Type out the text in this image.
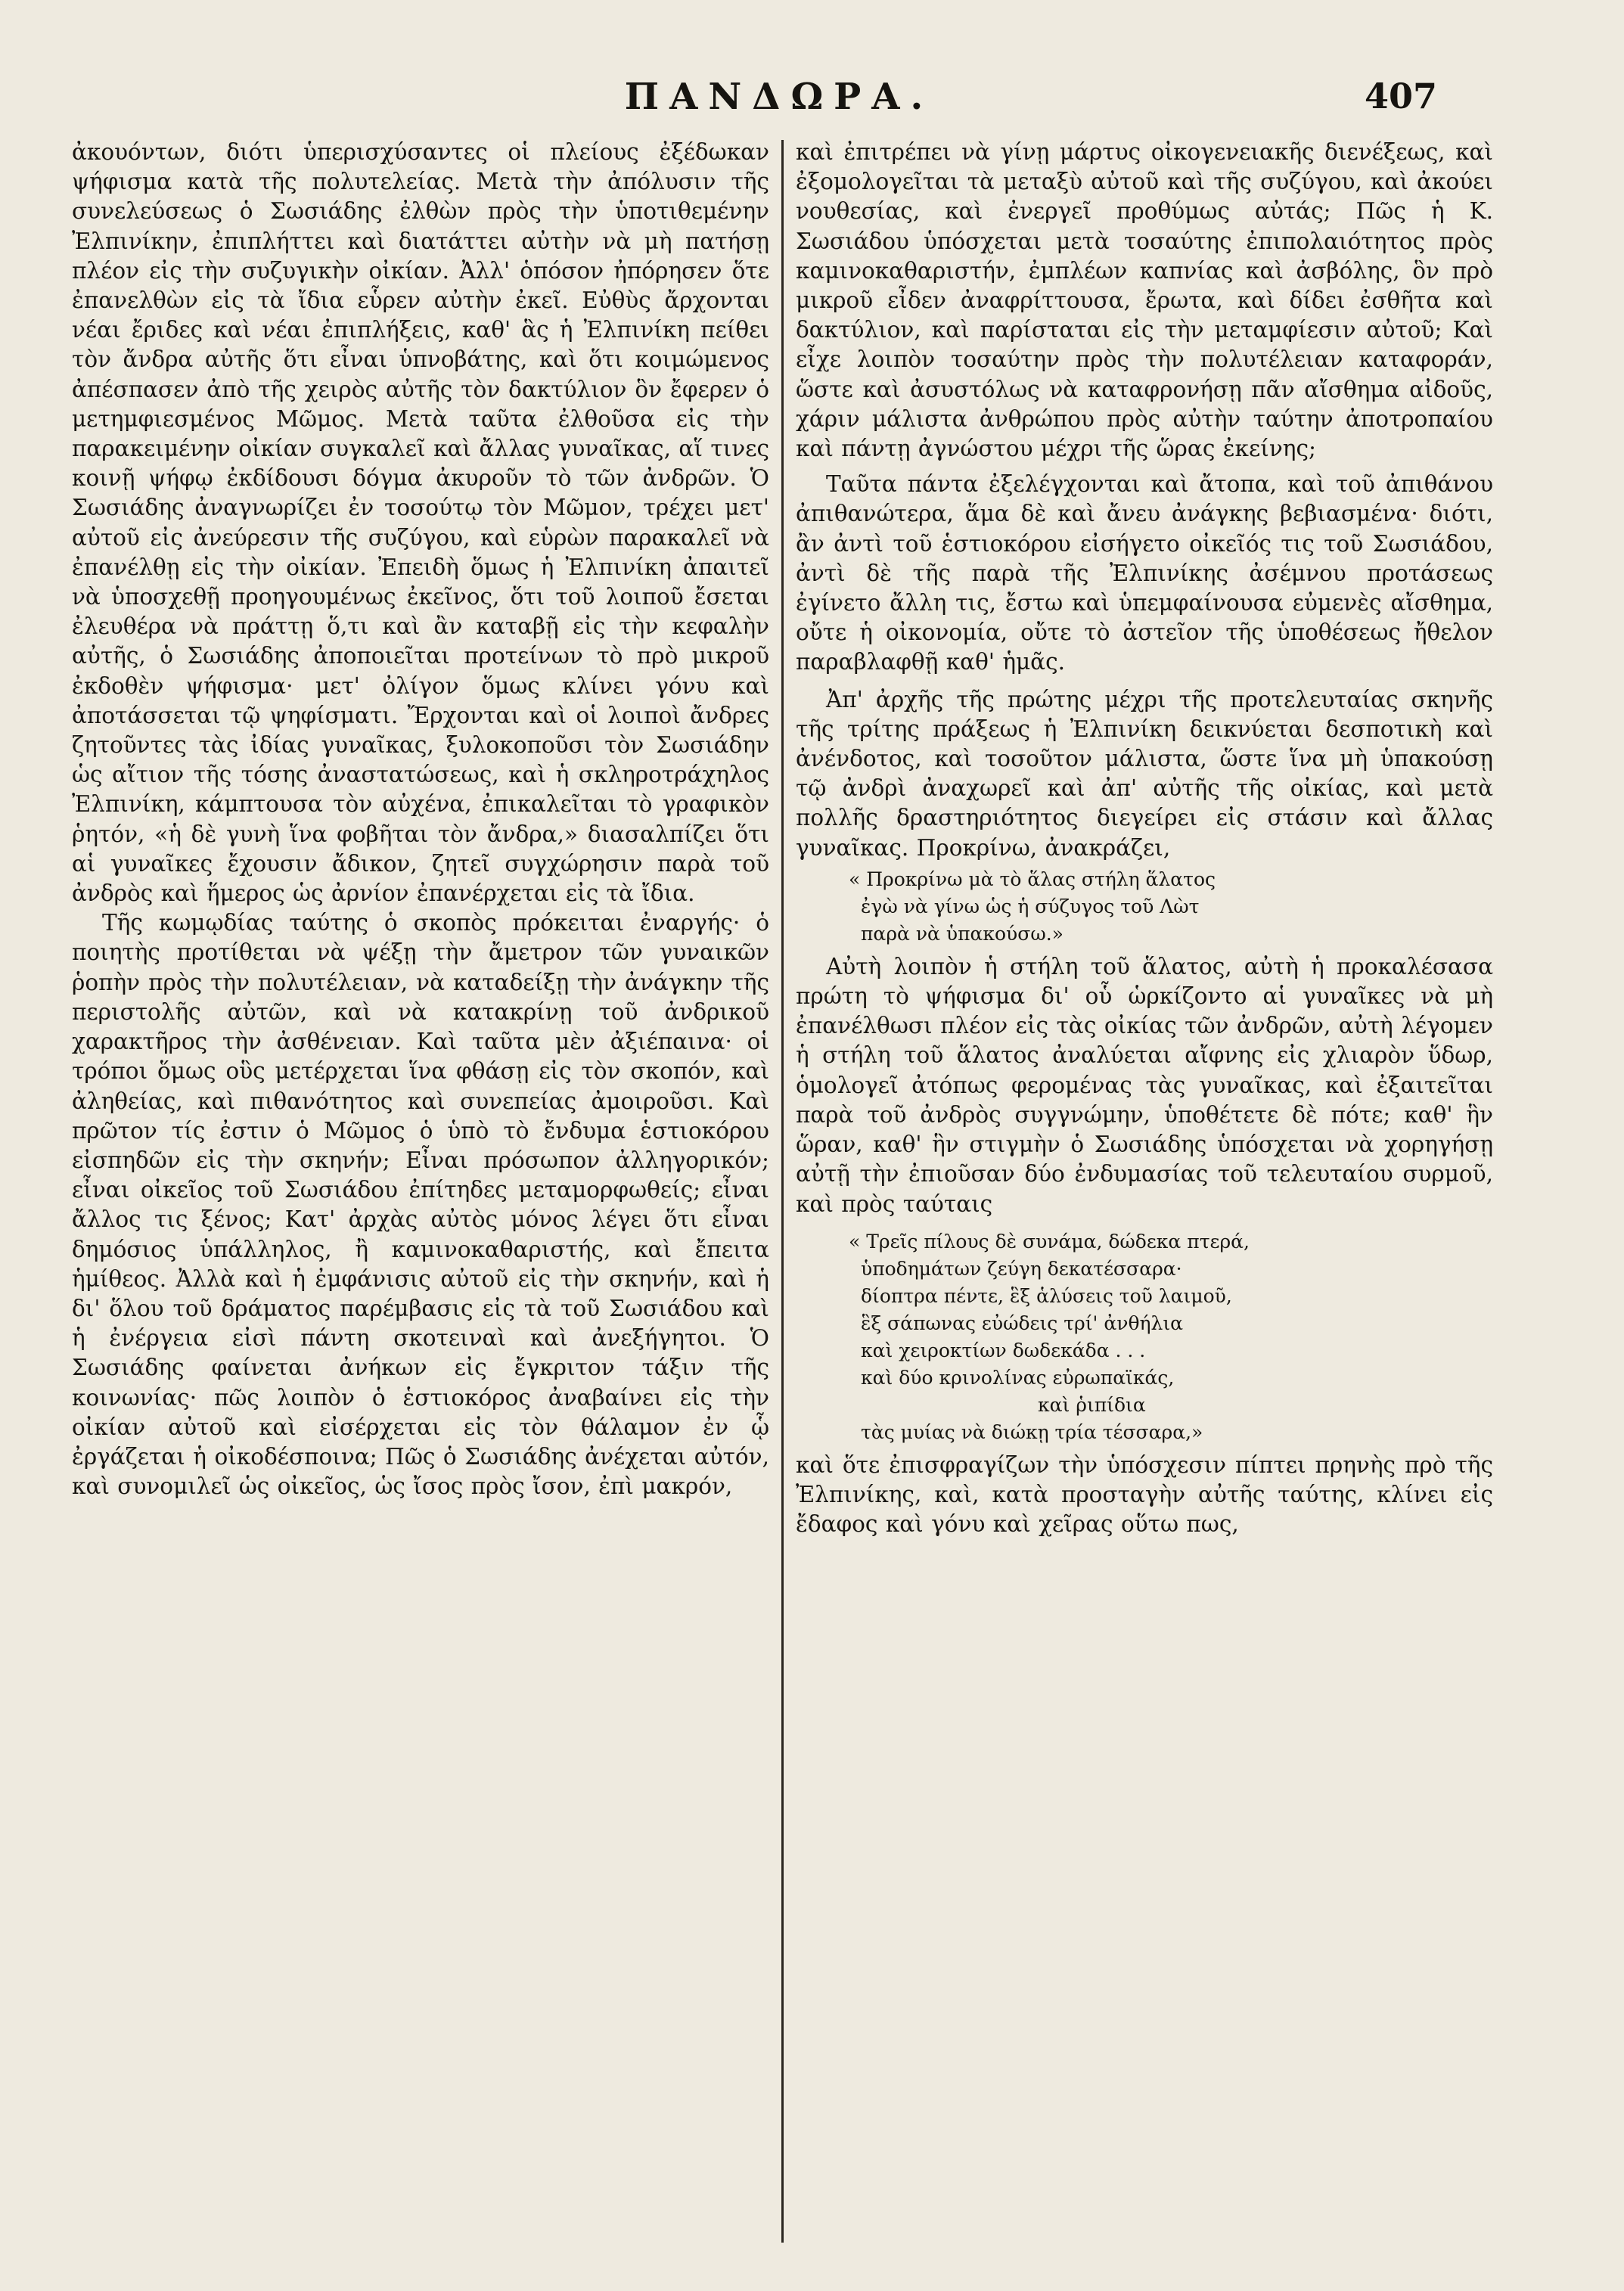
ΠΑΝΔΩΡΑ.	407

ἀκουόντων, διότι ὑπερισχύσαντες οἱ πλείους ἐξέδωκαν ψήφισμα κατὰ τῆς πολυτελείας. Μετὰ τὴν ἀπόλυσιν τῆς συνελεύσεως ὁ Σωσιάδης ἐλθὼν πρὸς τὴν ὑποτιθεμένην Ἐλπινίκην, ἐπιπλήττει καὶ διατάττει αὐτὴν νὰ μὴ πατήσῃ πλέον εἰς τὴν συζυγικὴν οἰκίαν. Ἀλλ' ὁπόσον ἠπόρησεν ὅτε ἐπανελθὼν εἰς τὰ ἴδια εὗρεν αὐτὴν ἐκεῖ. Εὐθὺς ἄρχονται νέαι ἔριδες καὶ νέαι ἐπιπλήξεις, καθ' ἃς ἡ Ἐλπινίκη πείθει τὸν ἄνδρα αὐτῆς ὅτι εἶναι ὑπνοβάτης, καὶ ὅτι κοιμώμενος ἀπέσπασεν ἀπὸ τῆς χειρὸς αὐτῆς τὸν δακτύλιον ὃν ἔφερεν ὁ μετημφιεσμένος Μῶμος. Μετὰ ταῦτα ἐλθοῦσα εἰς τὴν παρακειμένην οἰκίαν συγκαλεῖ καὶ ἄλλας γυναῖκας, αἵ τινες κοινῇ ψήφῳ ἐκδίδουσι δόγμα ἀκυροῦν τὸ τῶν ἀνδρῶν. Ὁ Σωσιάδης ἀναγνωρίζει ἐν τοσούτῳ τὸν Μῶμον, τρέχει μετ' αὐτοῦ εἰς ἀνεύρεσιν τῆς συζύγου, καὶ εὑρὼν παρακαλεῖ νὰ ἐπανέλθῃ εἰς τὴν οἰκίαν. Ἐπειδὴ ὅμως ἡ Ἐλπινίκη ἀπαιτεῖ νὰ ὑποσχεθῇ προηγουμένως ἐκεῖνος, ὅτι τοῦ λοιποῦ ἔσεται ἐλευθέρα νὰ πράττῃ ὅ,τι καὶ ἂν καταβῇ εἰς τὴν κεφαλὴν αὐτῆς, ὁ Σωσιάδης ἀποποιεῖται προτείνων τὸ πρὸ μικροῦ ἐκδοθὲν ψήφισμα· μετ' ὀλίγον ὅμως κλίνει γόνυ καὶ ἀποτάσσεται τῷ ψηφίσματι. Ἔρχονται καὶ οἱ λοιποὶ ἄνδρες ζητοῦντες τὰς ἰδίας γυναῖκας, ξυλοκοποῦσι τὸν Σωσιάδην ὡς αἴτιον τῆς τόσης ἀναστατώσεως, καὶ ἡ σκληροτράχηλος Ἐλπινίκη, κάμπτουσα τὸν αὐχένα, ἐπικαλεῖται τὸ γραφικὸν ῥητόν, «ἡ δὲ γυνὴ ἵνα φοβῆται τὸν ἄνδρα,» διασαλπίζει ὅτι αἱ γυναῖκες ἔχουσιν ἄδικον, ζητεῖ συγχώρησιν παρὰ τοῦ ἀνδρὸς καὶ ἥμερος ὡς ἀρνίον ἐπανέρχεται εἰς τὰ ἴδια.

Τῆς κωμῳδίας ταύτης ὁ σκοπὸς πρόκειται ἐναργής· ὁ ποιητὴς προτίθεται νὰ ψέξῃ τὴν ἄμετρον τῶν γυναικῶν ῥοπὴν πρὸς τὴν πολυτέλειαν, νὰ καταδείξῃ τὴν ἀνάγκην τῆς περιστολῆς αὐτῶν, καὶ νὰ κατακρίνῃ τοῦ ἀνδρικοῦ χαρακτῆρος τὴν ἀσθένειαν. Καὶ ταῦτα μὲν ἀξιέπαινα· οἱ τρόποι ὅμως οὓς μετέρχεται ἵνα φθάσῃ εἰς τὸν σκοπόν, καὶ ἀληθείας, καὶ πιθανότητος καὶ συνεπείας ἀμοιροῦσι. Καὶ πρῶτον τίς ἐστιν ὁ Μῶμος ὁ ὑπὸ τὸ ἔνδυμα ἑστιοκόρου εἰσπηδῶν εἰς τὴν σκηνήν; Εἶναι πρόσωπον ἀλληγορικόν; εἶναι οἰκεῖος τοῦ Σωσιάδου ἐπίτηδες μεταμορφωθείς; εἶναι ἄλλος τις ξένος; Κατ' ἀρχὰς αὐτὸς μόνος λέγει ὅτι εἶναι δημόσιος ὑπάλληλος, ἢ καμινοκαθαριστής, καὶ ἔπειτα ἡμίθεος. Ἀλλὰ καὶ ἡ ἐμφάνισις αὐτοῦ εἰς τὴν σκηνήν, καὶ ἡ δι' ὅλου τοῦ δράματος παρέμβασις εἰς τὰ τοῦ Σωσιάδου καὶ ἡ ἐνέργεια εἰσὶ πάντη σκοτειναὶ καὶ ἀνεξήγητοι. Ὁ Σωσιάδης φαίνεται ἀνήκων εἰς ἔγκριτον τάξιν τῆς κοινωνίας· πῶς λοιπὸν ὁ ἑστιοκόρος ἀναβαίνει εἰς τὴν οἰκίαν αὐτοῦ καὶ εἰσέρχεται εἰς τὸν θάλαμον ἐν ᾧ ἐργάζεται ἡ οἰκοδέσποινα; Πῶς ὁ Σωσιάδης ἀνέχεται αὐτόν, καὶ συνομιλεῖ ὡς οἰκεῖος, ὡς ἴσος πρὸς ἴσον, ἐπὶ μακρόν,

καὶ ἐπιτρέπει νὰ γίνῃ μάρτυς οἰκογενειακῆς διενέξεως, καὶ ἐξομολογεῖται τὰ μεταξὺ αὐτοῦ καὶ τῆς συζύγου, καὶ ἀκούει νουθεσίας, καὶ ἐνεργεῖ προθύμως αὐτάς; Πῶς ἡ Κ. Σωσιάδου ὑπόσχεται μετὰ τοσαύτης ἐπιπολαιότητος πρὸς καμινοκαθαριστήν, ἐμπλέων καπνίας καὶ ἀσβόλης, ὃν πρὸ μικροῦ εἶδεν ἀναφρίττουσα, ἔρωτα, καὶ δίδει ἐσθῆτα καὶ δακτύλιον, καὶ παρίσταται εἰς τὴν μεταμφίεσιν αὐτοῦ; Καὶ εἶχε λοιπὸν τοσαύτην πρὸς τὴν πολυτέλειαν καταφοράν, ὥστε καὶ ἀσυστόλως νὰ καταφρονήσῃ πᾶν αἴσθημα αἰδοῦς, χάριν μάλιστα ἀνθρώπου πρὸς αὐτὴν ταύτην ἀποτροπαίου καὶ πάντῃ ἀγνώστου μέχρι τῆς ὥρας ἐκείνης;

Ταῦτα πάντα ἐξελέγχονται καὶ ἄτοπα, καὶ τοῦ ἀπιθάνου ἀπιθανώτερα, ἅμα δὲ καὶ ἄνευ ἀνάγκης βεβιασμένα· διότι, ἂν ἀντὶ τοῦ ἑστιοκόρου εἰσήγετο οἰκεῖός τις τοῦ Σωσιάδου, ἀντὶ δὲ τῆς παρὰ τῆς Ἐλπινίκης ἀσέμνου προτάσεως ἐγίνετο ἄλλη τις, ἔστω καὶ ὑπεμφαίνουσα εὐμενὲς αἴσθημα, οὔτε ἡ οἰκονομία, οὔτε τὸ ἀστεῖον τῆς ὑποθέσεως ἤθελον παραβλαφθῇ καθ' ἡμᾶς.

Ἀπ' ἀρχῆς τῆς πρώτης μέχρι τῆς προτελευταίας σκηνῆς τῆς τρίτης πράξεως ἡ Ἐλπινίκη δεικνύεται δεσποτικὴ καὶ ἀνένδοτος, καὶ τοσοῦτον μάλιστα, ὥστε ἵνα μὴ ὑπακούσῃ τῷ ἀνδρὶ ἀναχωρεῖ καὶ ἀπ' αὐτῆς τῆς οἰκίας, καὶ μετὰ πολλῆς δραστηριότητος διεγείρει εἰς στάσιν καὶ ἄλλας γυναῖκας. Προκρίνω, ἀνακράζει,

« Προκρίνω μὰ τὸ ἅλας στήλη ἅλατος
ἐγὼ νὰ γίνω ὡς ἡ σύζυγος τοῦ Λὼτ
παρὰ νὰ ὑπακούσω.»

Αὐτὴ λοιπὸν ἡ στήλη τοῦ ἅλατος, αὐτὴ ἡ προκαλέσασα πρώτη τὸ ψήφισμα δι' οὗ ὡρκίζοντο αἱ γυναῖκες νὰ μὴ ἐπανέλθωσι πλέον εἰς τὰς οἰκίας τῶν ἀνδρῶν, αὐτὴ λέγομεν ἡ στήλη τοῦ ἅλατος ἀναλύεται αἴφνης εἰς χλιαρὸν ὕδωρ, ὁμολογεῖ ἀτόπως φερομένας τὰς γυναῖκας, καὶ ἐξαιτεῖται παρὰ τοῦ ἀνδρὸς συγγνώμην, ὑποθέτετε δὲ πότε; καθ' ἣν ὥραν, καθ' ἣν στιγμὴν ὁ Σωσιάδης ὑπόσχεται νὰ χορηγήσῃ αὐτῇ τὴν ἐπιοῦσαν δύο ἐνδυμασίας τοῦ τελευταίου συρμοῦ, καὶ πρὸς ταύταις

« Τρεῖς πίλους δὲ συνάμα, δώδεκα πτερά,
ὑποδημάτων ζεύγη δεκατέσσαρα·
δίοπτρα πέντε, ἓξ ἁλύσεις τοῦ λαιμοῦ,
ἓξ σάπωνας εὐώδεις τρί' ἀνθήλια
καὶ χειροκτίων δωδεκάδα . . .
καὶ δύο κρινολίνας εὐρωπαϊκάς,
καὶ ῥιπίδια
τὰς μυίας νὰ διώκῃ τρία τέσσαρα,»

καὶ ὅτε ἐπισφραγίζων τὴν ὑπόσχεσιν πίπτει πρηνὴς πρὸ τῆς Ἐλπινίκης, καὶ, κατὰ προσταγὴν αὐτῆς ταύτης, κλίνει εἰς ἔδαφος καὶ γόνυ καὶ χεῖρας οὕτω πως,
